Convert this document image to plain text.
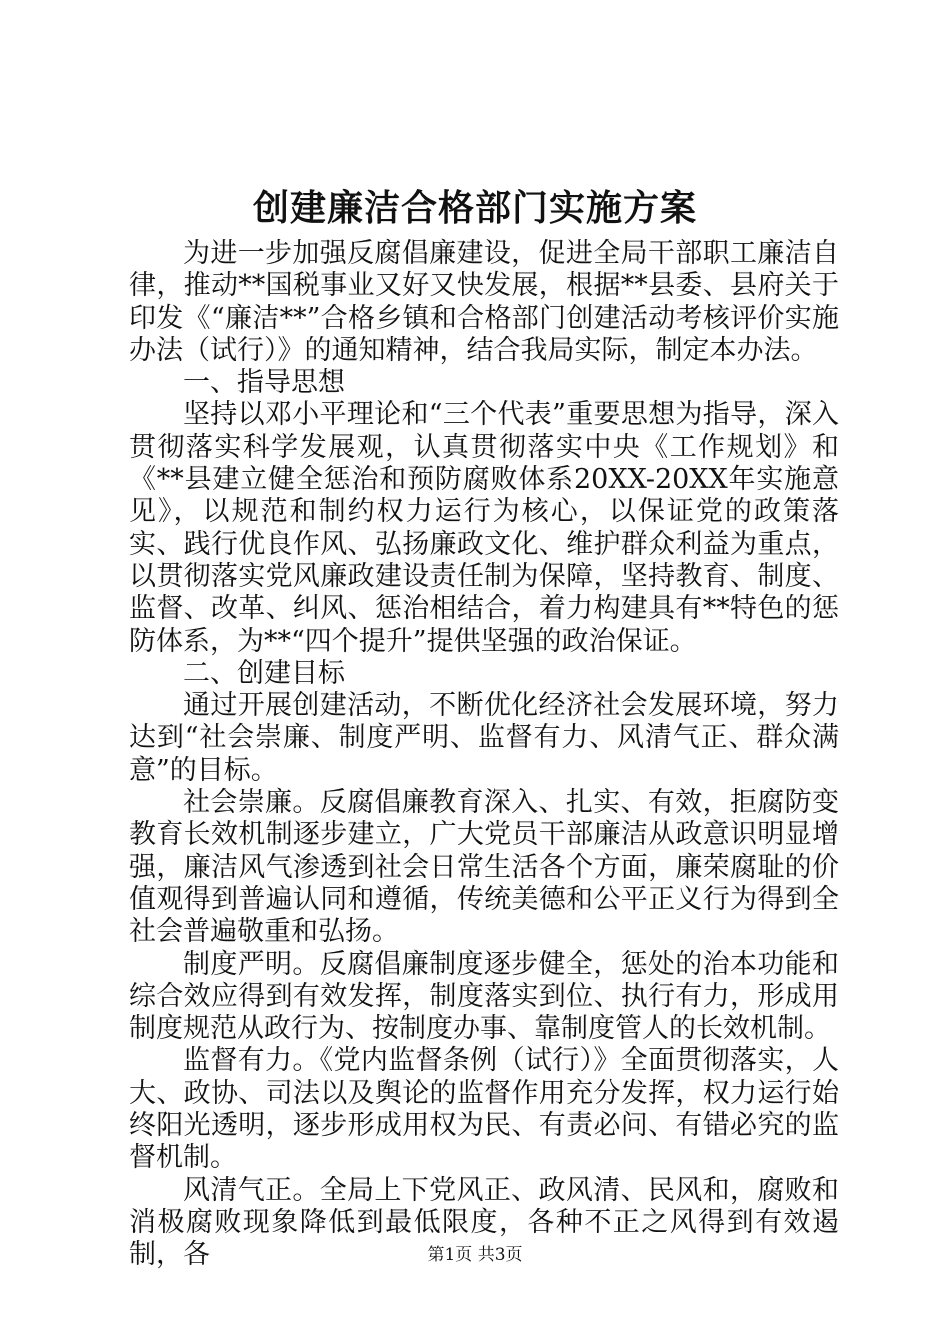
创建廉洁合格部门实施方案

为进一步加强反腐倡廉建设，促进全局干部职工廉洁自律，推动**国税事业又好又快发展，根据**县委、县府关于印发《“廉洁**”合格乡镇和合格部门创建活动考核评价实施办法（试行）》的通知精神，结合我局实际，制定本办法。

一、指导思想

坚持以邓小平理论和“三个代表”重要思想为指导，深入贯彻落实科学发展观，认真贯彻落实中央《工作规划》和《**县建立健全惩治和预防腐败体系20XX-20XX年实施意见》，以规范和制约权力运行为核心，以保证党的政策落实、践行优良作风、弘扬廉政文化、维护群众利益为重点，以贯彻落实党风廉政建设责任制为保障，坚持教育、制度、监督、改革、纠风、惩治相结合，着力构建具有**特色的惩防体系，为**“四个提升”提供坚强的政治保证。

二、创建目标

通过开展创建活动，不断优化经济社会发展环境，努力达到“社会崇廉、制度严明、监督有力、风清气正、群众满意”的目标。

社会崇廉。反腐倡廉教育深入、扎实、有效，拒腐防变教育长效机制逐步建立，广大党员干部廉洁从政意识明显增强，廉洁风气渗透到社会日常生活各个方面，廉荣腐耻的价值观得到普遍认同和遵循，传统美德和公平正义行为得到全社会普遍敬重和弘扬。

制度严明。反腐倡廉制度逐步健全，惩处的治本功能和综合效应得到有效发挥，制度落实到位、执行有力，形成用制度规范从政行为、按制度办事、靠制度管人的长效机制。

监督有力。《党内监督条例（试行）》全面贯彻落实，人大、政协、司法以及舆论的监督作用充分发挥，权力运行始终阳光透明，逐步形成用权为民、有责必问、有错必究的监督机制。

风清气正。全局上下党风正、政风清、民风和，腐败和消极腐败现象降低到最低限度，各种不正之风得到有效遏制，各	第1页 共3页
